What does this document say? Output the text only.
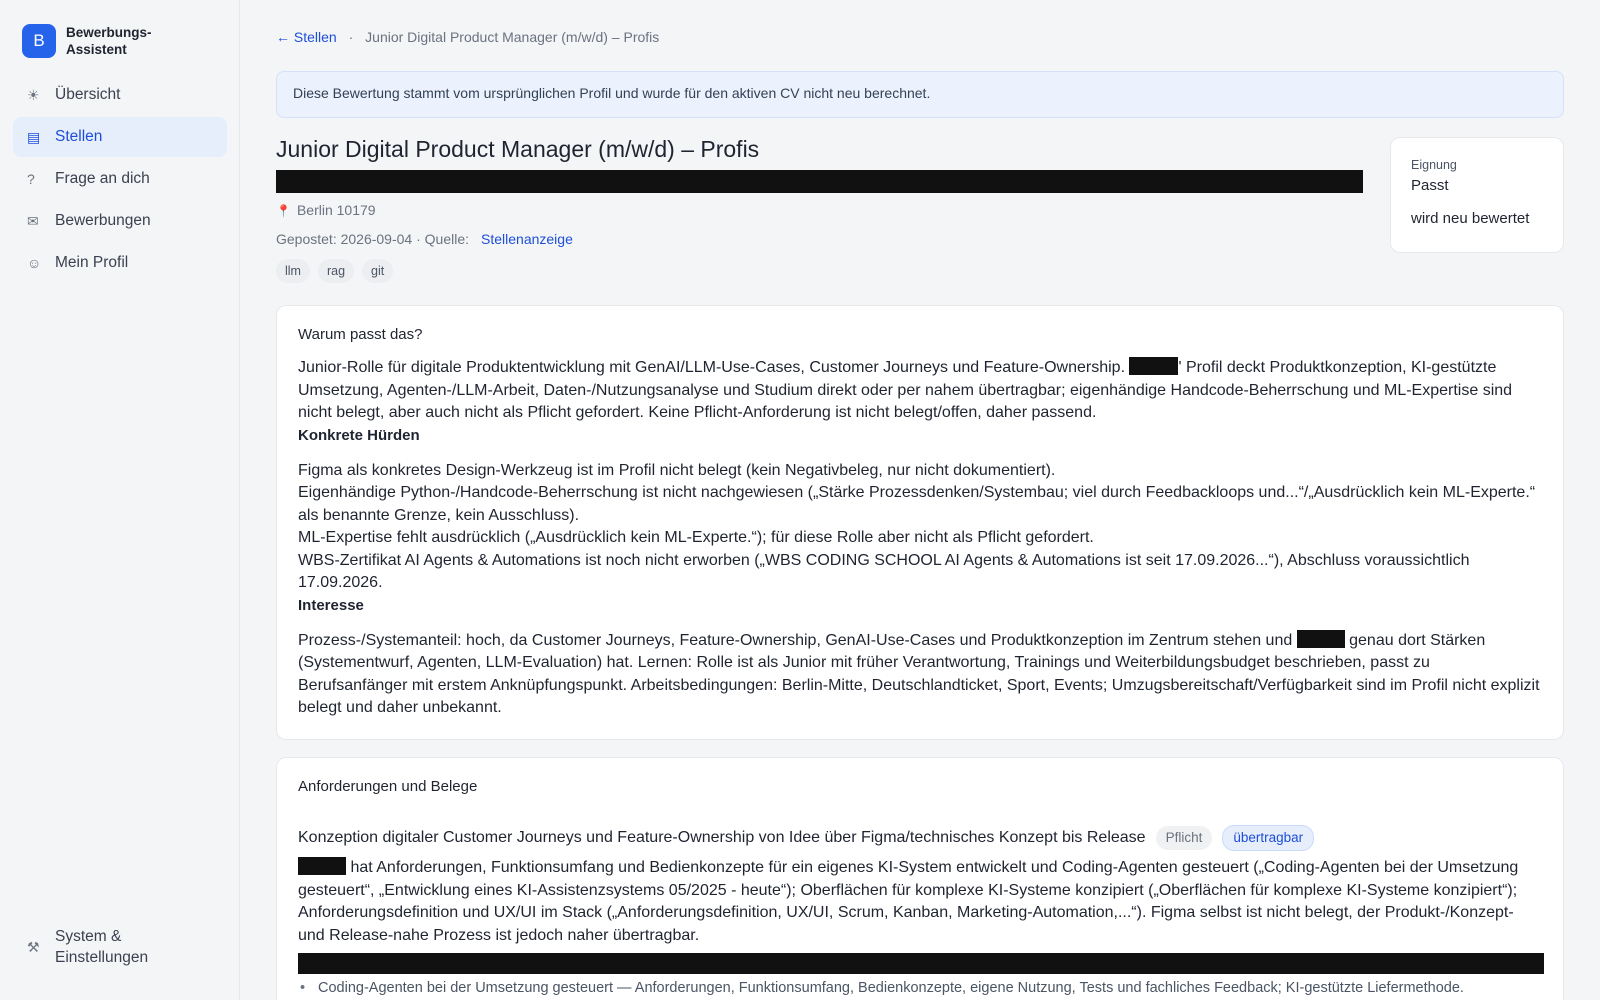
B	Bewerbungs-Assistent
☀ Übersicht
▤ Stellen
?	Frage an dich
✉	Bewerbungen
☺ Mein Profil
⚒
System & Einstellungen
← Stellen · Junior Digital Product Manager (m/w/d) – Profis
Diese Bewertung stammt vom ursprünglichen Profil und wurde für den aktiven CV nicht neu berechnet.
Junior Digital Product Manager (m/w/d) – Profis
📍 Berlin 10179
Gepostet: 2026-09-04 · Quelle: Stellenanzeige
llm	rag	git
Eignung
Passt
wird neu bewertet
Warum passt das?
Junior-Rolle für digitale Produktentwicklung mit GenAI/LLM-Use-Cases, Customer Journeys und Feature-Ownership.	' Profil deckt Produktkonzeption, KI-gestützte Umsetzung, Agenten-/LLM-Arbeit, Daten-/Nutzungsanalyse und Studium direkt oder per nahem übertragbar; eigenhändige Handcode-Beherrschung und ML-Expertise sind nicht belegt, aber auch nicht als Pflicht gefordert. Keine Pflicht-Anforderung ist nicht belegt/offen, daher passend.
Konkrete Hürden
Figma als konkretes Design-Werkzeug ist im Profil nicht belegt (kein Negativbeleg, nur nicht dokumentiert).
Eigenhändige Python-/Handcode-Beherrschung ist nicht nachgewiesen („Stärke Prozessdenken/Systembau; viel durch Feedbackloops und...“/„Ausdrücklich kein ML-Experte.“ als benannte Grenze, kein Ausschluss).
ML-Expertise fehlt ausdrücklich („Ausdrücklich kein ML-Experte.“); für diese Rolle aber nicht als Pflicht gefordert.
WBS-Zertifikat AI Agents & Automations ist noch nicht erworben („WBS CODING SCHOOL AI Agents & Automations ist seit 17.09.2026...“), Abschluss voraussichtlich 17.09.2026.
Interesse
Prozess-/Systemanteil: hoch, da Customer Journeys, Feature-Ownership, GenAI-Use-Cases und Produktkonzeption im Zentrum stehen und	genau dort Stärken (Systementwurf, Agenten, LLM-Evaluation) hat. Lernen: Rolle ist als Junior mit früher Verantwortung, Trainings und Weiterbildungsbudget beschrieben, passt zu Berufsanfänger mit erstem Anknüpfungspunkt. Arbeitsbedingungen: Berlin-Mitte, Deutschlandticket, Sport, Events; Umzugsbereitschaft/Verfügbarkeit sind im Profil nicht explizit belegt und daher unbekannt.
Anforderungen und Belege
Konzeption digitaler Customer Journeys und Feature-Ownership von Idee über Figma/technisches Konzept bis Release	Pflicht	übertragbar
hat Anforderungen, Funktionsumfang und Bedienkonzepte für ein eigenes KI-System entwickelt und Coding-Agenten gesteuert („Coding-Agenten bei der Umsetzung gesteuert“, „Entwicklung eines KI-Assistenzsystems 05/2025 - heute“); Oberflächen für komplexe KI-Systeme konzipiert („Oberflächen für komplexe KI-Systeme konzipiert“); Anforderungsdefinition und UX/UI im Stack („Anforderungsdefinition, UX/UI, Scrum, Kanban, Marketing-Automation,...“). Figma selbst ist nicht belegt, der Produkt-/Konzept- und Release-nahe Prozess ist jedoch naher übertragbar.
• Coding-Agenten bei der Umsetzung gesteuert — Anforderungen, Funktionsumfang, Bedienkonzepte, eigene Nutzung, Tests und fachliches Feedback; KI-gestützte Liefermethode.
